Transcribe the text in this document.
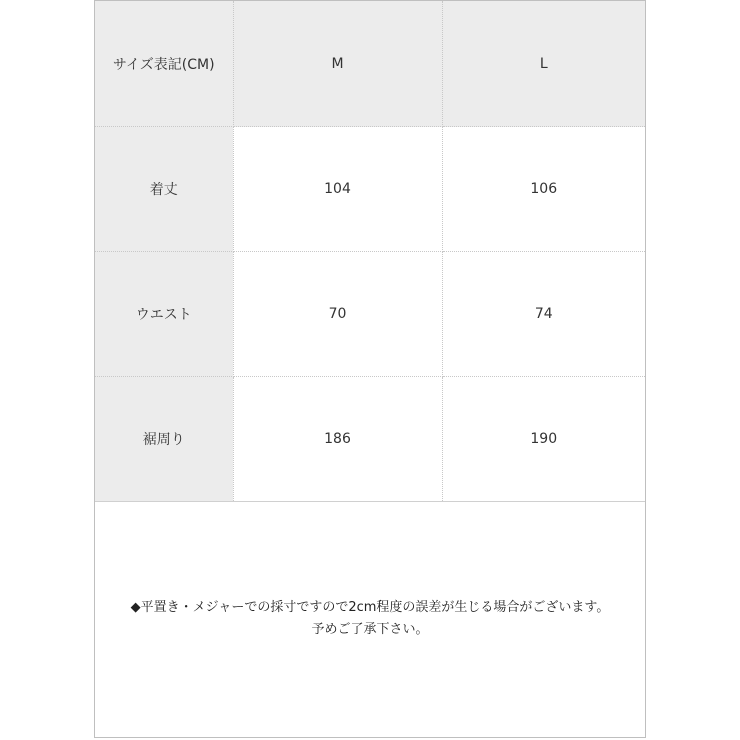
サイズ表記(CM)	M	L
着丈	104	106
ウエスト	70	74
裾周り	186	190
◆平置き・メジャーでの採寸ですので2cm程度の誤差が生じる場合がございます。
予めご了承下さい。
